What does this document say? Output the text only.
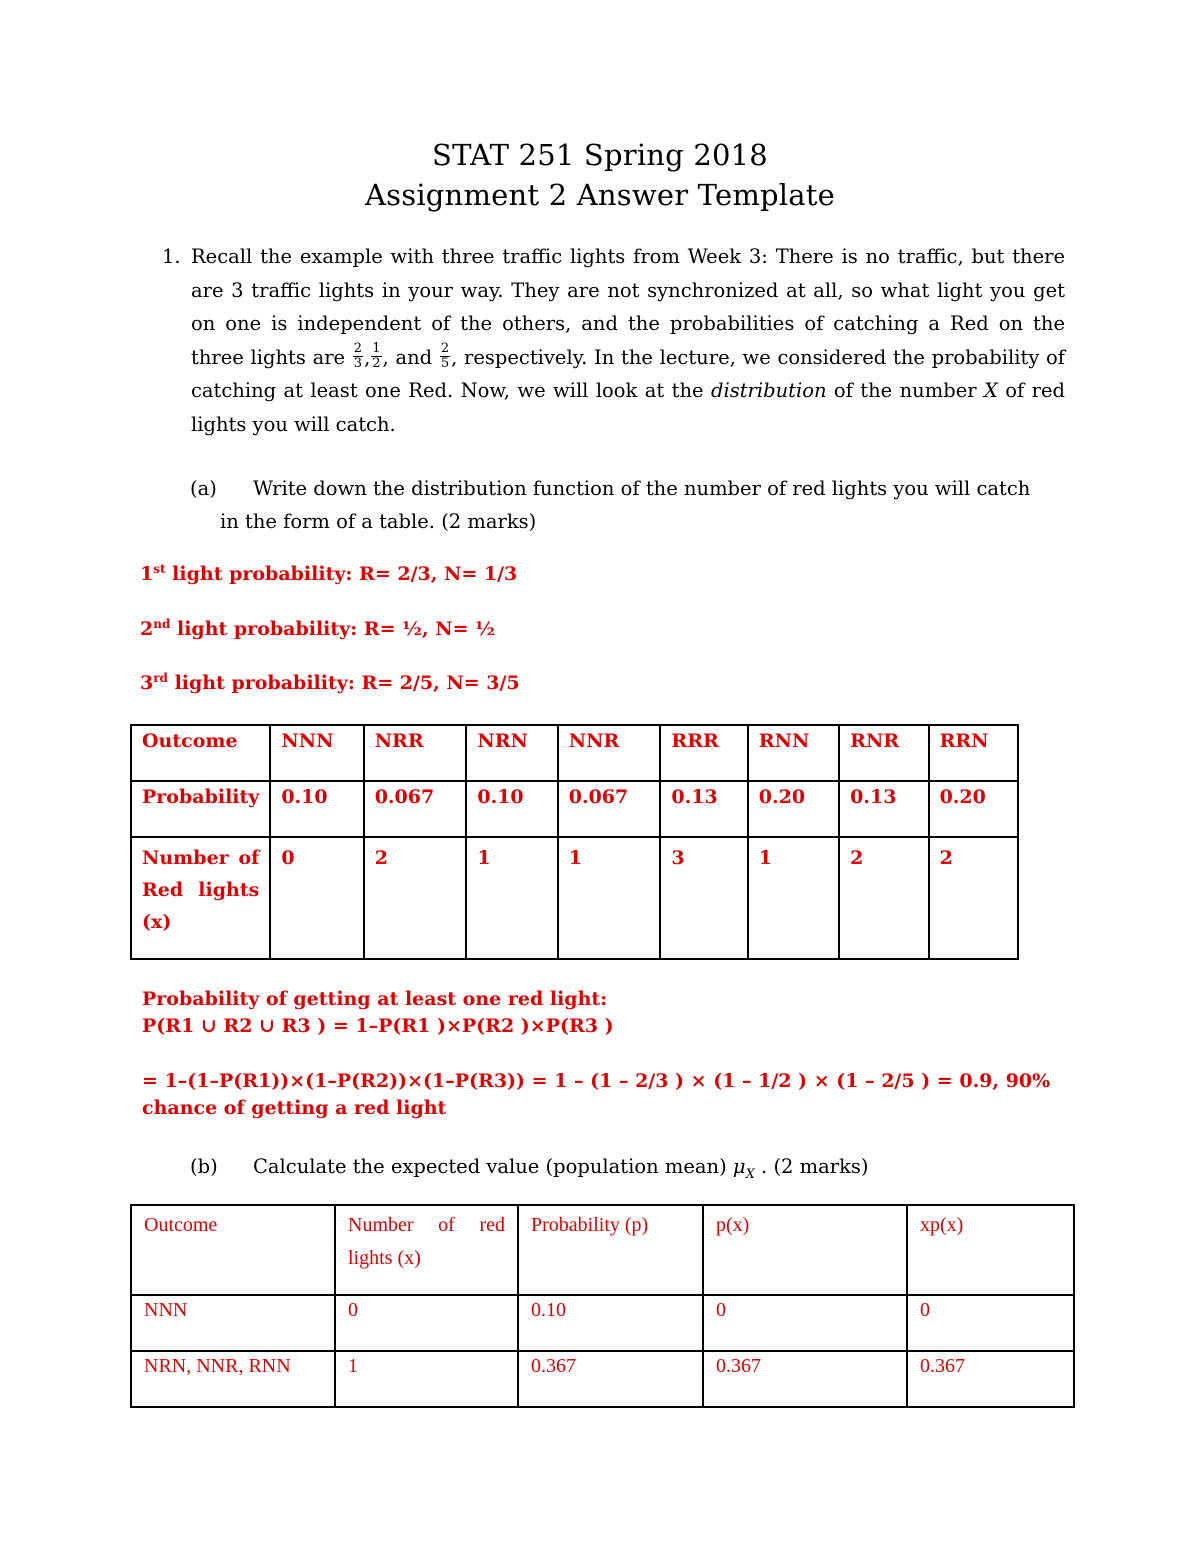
STAT 251 Spring 2018
Assignment 2 Answer Template
1. Recall the example with three traffic lights from Week 3: There is no traffic, but there are 3 traffic lights in your way. They are not synchronized at all, so what light you get on one is independent of the others, and the probabilities of catching a Red on the three lights are $\frac{2}{3}$ , $\frac{1}{2}$ , and $\frac{2}{5}$ , respectively. In the lecture, we considered the probability of catching at least one Red. Now, we will look at the distribution of the number X of red lights you will catch.
(a) Write down the distribution function of the number of red lights you will catch
in the form of a table. (2 marks)
1st light probability: R= 2/3, N= 1/3
2nd light probability: R= ½, N= ½
3rd light probability: R= 2/5, N= 3/5
Outcome	NNN	NRR	NRN	NNR	RRR	RNN	RNR	RRN
Probability	0.10	0.067	0.10	0.067	0.13	0.20	0.13	0.20
Number of Red lights (x)	0	2	1	1	3	1	2	2
Probability of getting at least one red light:
P(R1 ∪ R2 ∪ R3 ) = 1–P(R1 )×P(R2 )×P(R3 )
= 1–(1–P(R1))×(1–P(R2))×(1–P(R3)) = 1 – (1 – 2/3 ) × (1 – 1/2 ) × (1 – 2/5 ) = 0.9, 90%
chance of getting a red light
(b) Calculate the expected value (population mean) $\mu_X$ . (2 marks)
Outcome	Number of red lights (x)	Probability (p)	p(x)	xp(x)
NNN	0	0.10	0	0
NRN, NNR, RNN	1	0.367	0.367	0.367
